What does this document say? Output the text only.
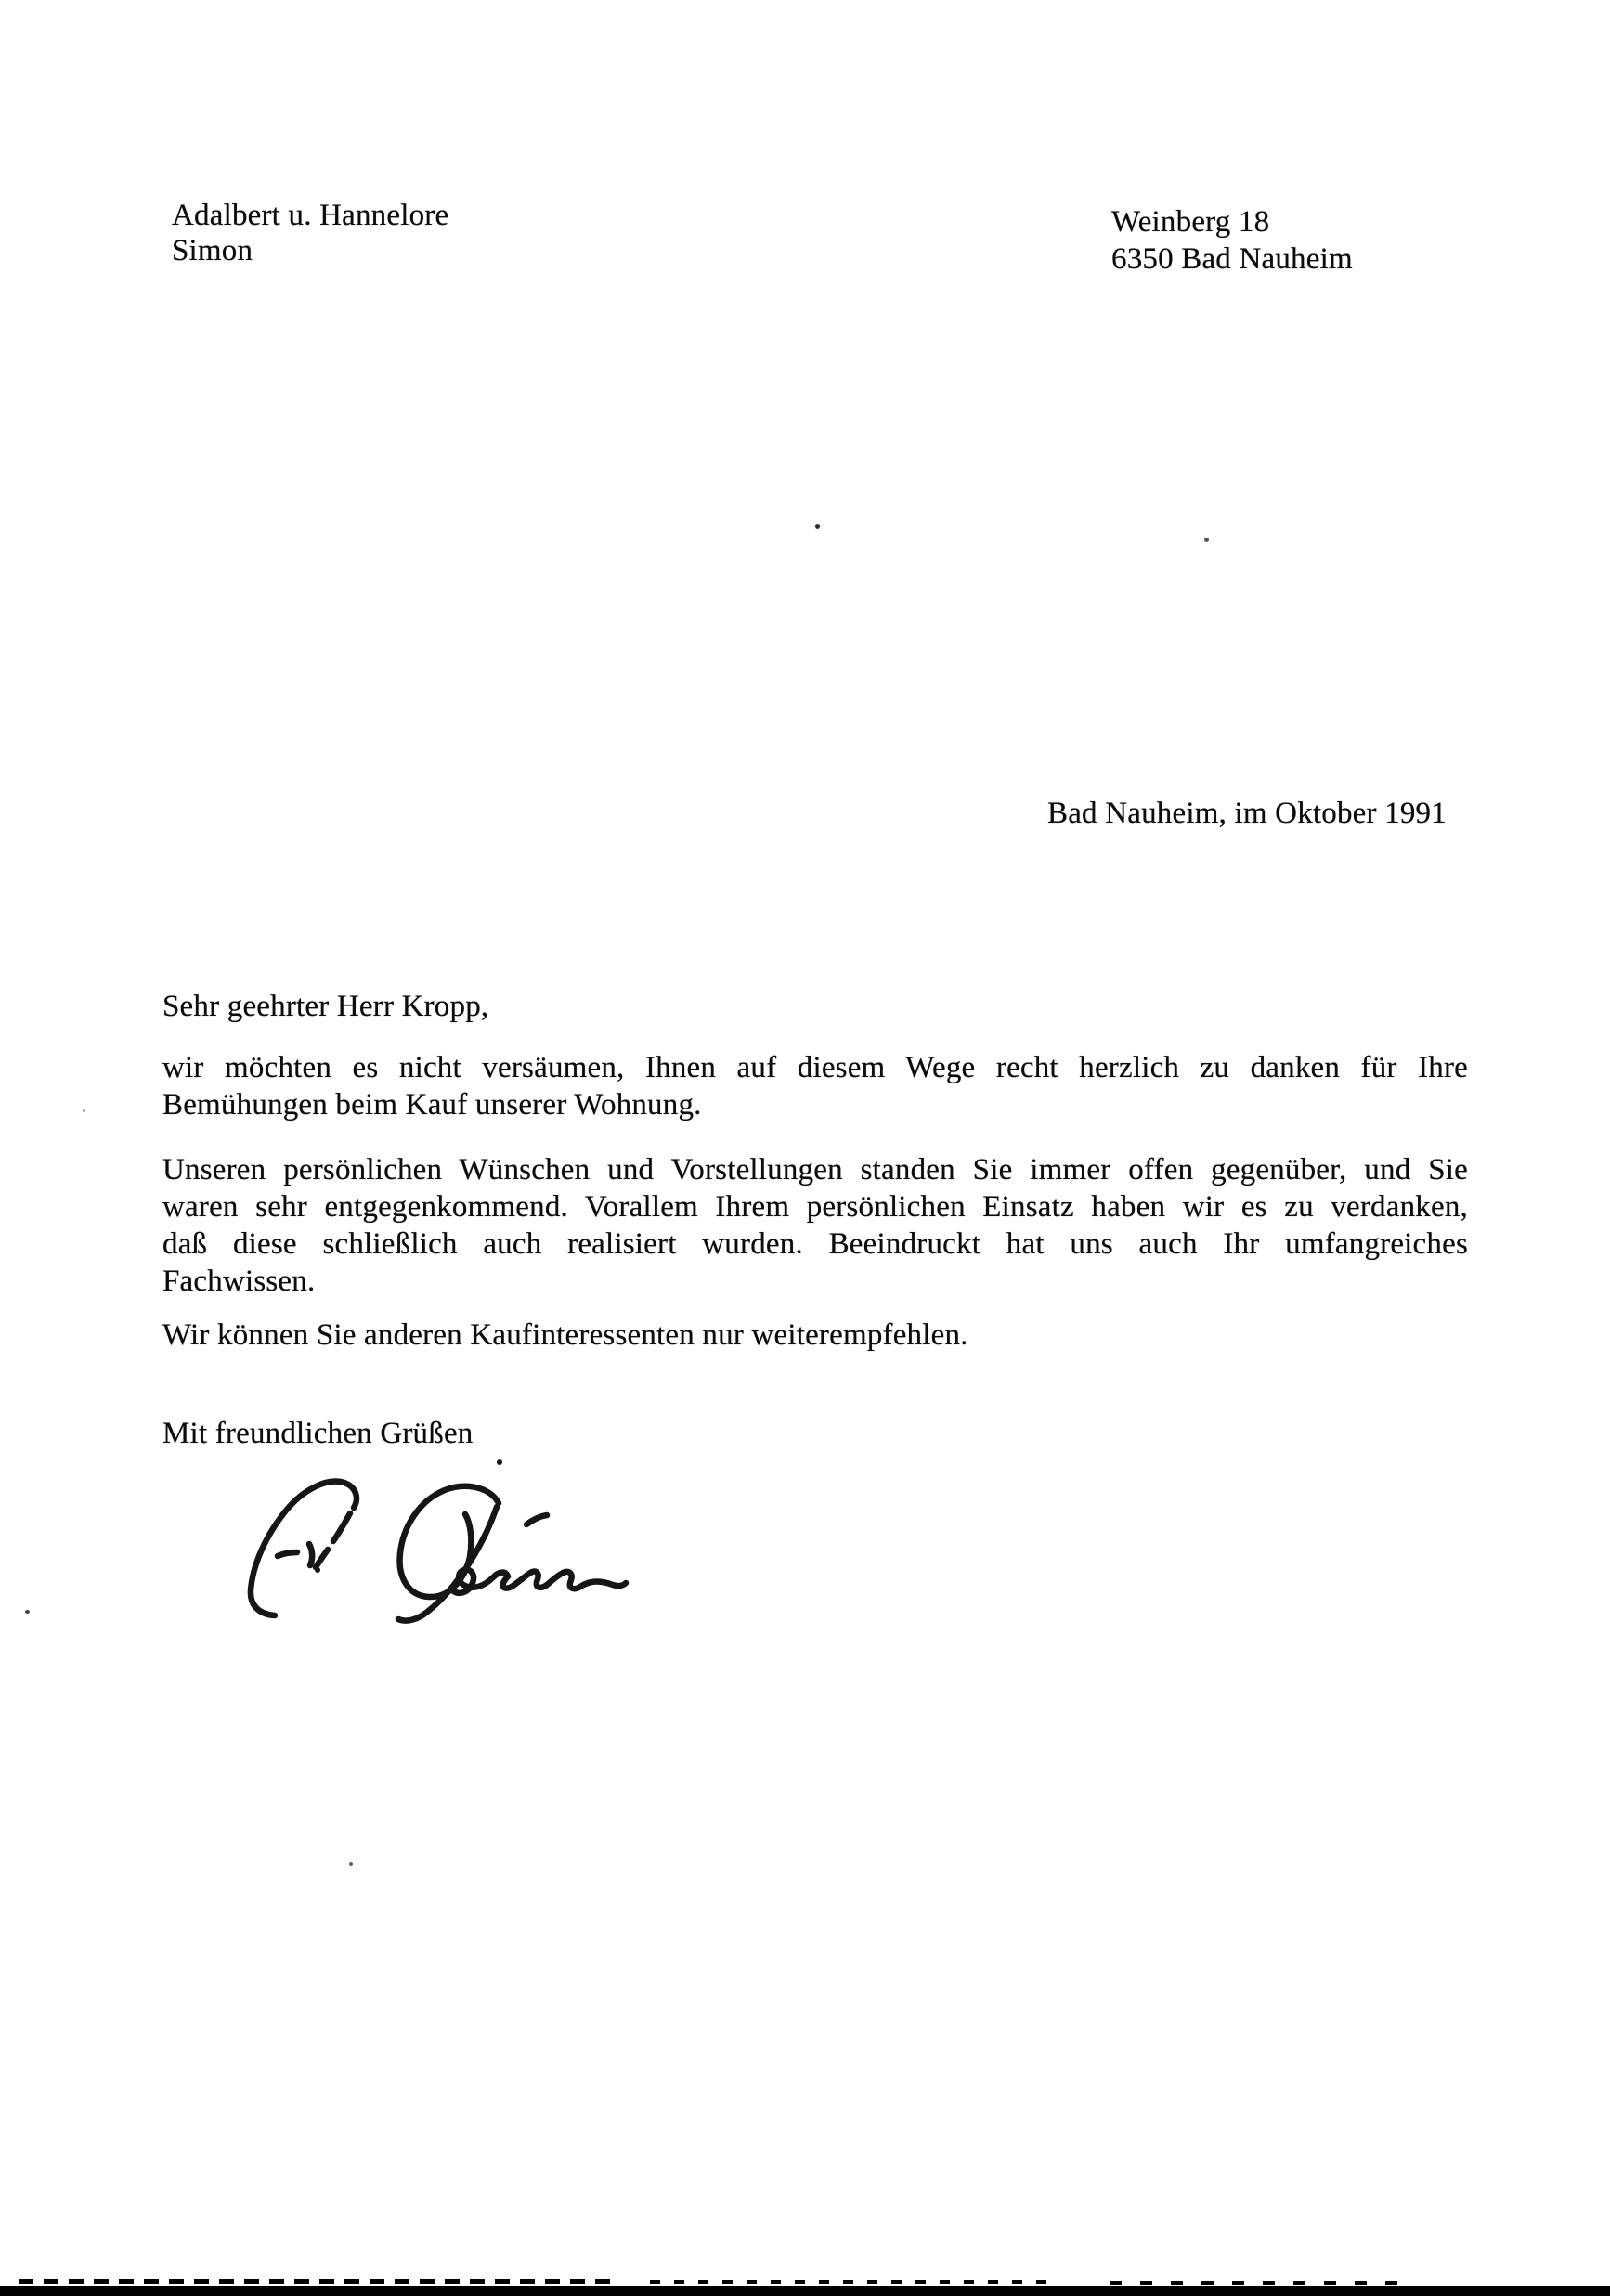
Adalbert u. Hannelore
Simon
Weinberg 18
6350 Bad Nauheim
Bad Nauheim, im Oktober 1991
Sehr geehrter Herr Kropp,
wir möchten es nicht versäumen, Ihnen auf diesem Wege recht herzlich zu danken für Ihre
Bemühungen beim Kauf unserer Wohnung.
Unseren persönlichen Wünschen und Vorstellungen standen Sie immer offen gegenüber, und Sie
waren sehr entgegenkommend. Vorallem Ihrem persönlichen Einsatz haben wir es zu verdanken,
daß diese schließlich auch realisiert wurden. Beeindruckt hat uns auch Ihr umfangreiches
Fachwissen.
Wir können Sie anderen Kaufinteressenten nur weiterempfehlen.
Mit freundlichen Grüßen
